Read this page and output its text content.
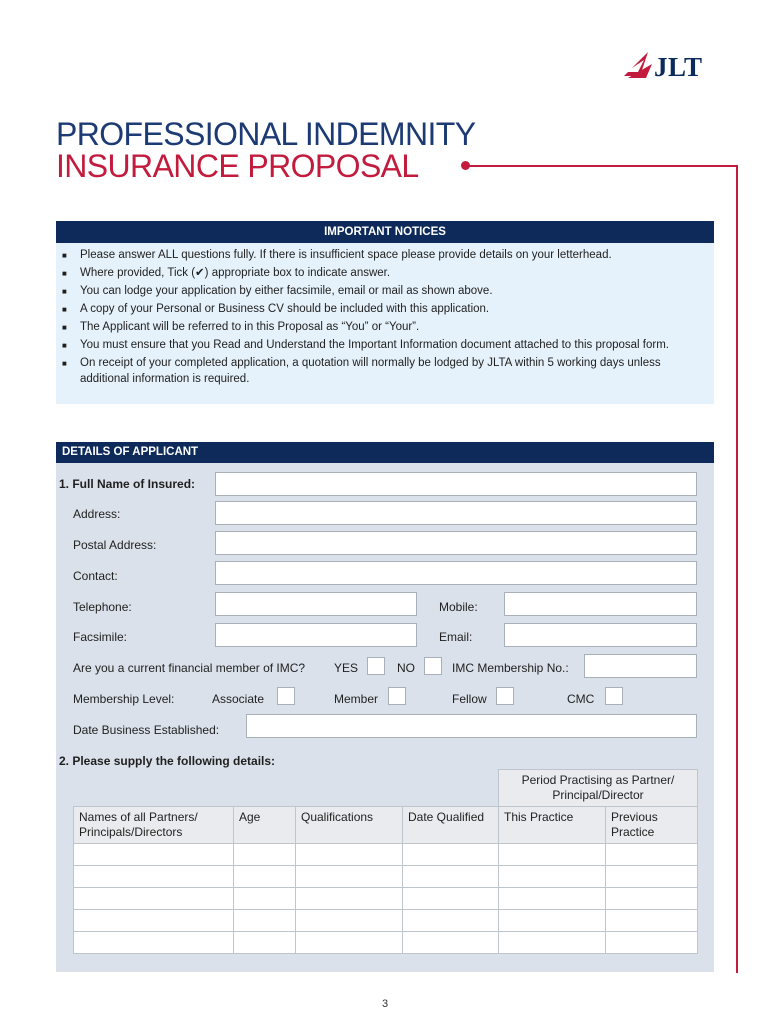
JLT
PROFESSIONAL INDEMNITY
INSURANCE PROPOSAL
IMPORTANT NOTICES
■ Please answer ALL questions fully. If there is insufficient space please provide details on your letterhead.
■ Where provided, Tick (✔) appropriate box to indicate answer.
■ You can lodge your application by either facsimile, email or mail as shown above.
■ A copy of your Personal or Business CV should be included with this application.
■ The Applicant will be referred to in this Proposal as “You” or “Your”.
■ You must ensure that you Read and Understand the Important Information document attached to this proposal form.
■ On receipt of your completed application, a quotation will normally be lodged by JLTA within 5 working days unless additional information is required.
DETAILS OF APPLICANT
1. Full Name of Insured:
Address:
Postal Address:
Contact:
Telephone:	Mobile:
Facsimile:	Email:
Are you a current financial member of IMC? YES	NO	IMC Membership No.:
Membership Level:	Associate	Member	Fellow	CMC
Date Business Established:
2. Please supply the following details:
				Period Practising as Partner/ Principal/Director	
Names of all Partners/ Principals/Directors	Age	Qualifications	Date Qualified	This Practice	Previous Practice

3
